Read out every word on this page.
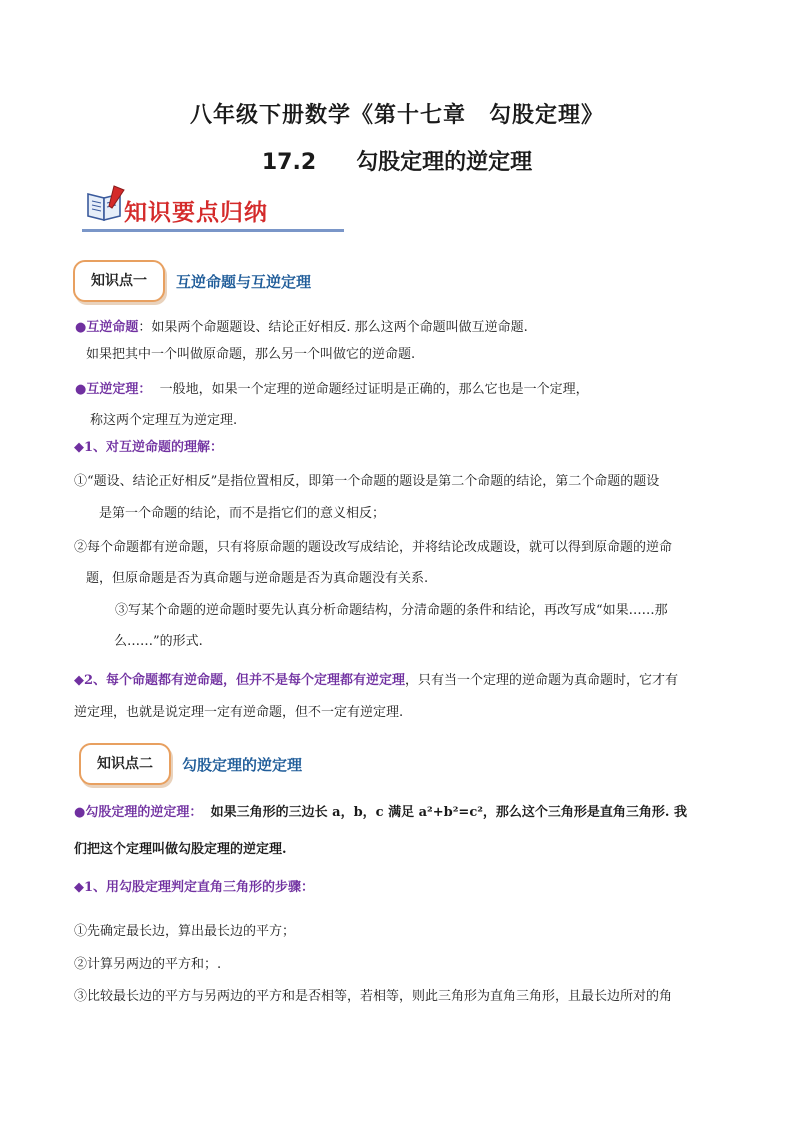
八年级下册数学《第十七章　勾股定理》
17.2 勾股定理的逆定理
知识要点归纳
知识点一	互逆命题与互逆定理
●互逆命题：如果两个命题题设、结论正好相反. 那么这两个命题叫做互逆命题.
如果把其中一个叫做原命题，那么另一个叫做它的逆命题.
●互逆定理： 一般地，如果一个定理的逆命题经过证明是正确的，那么它也是一个定理，
称这两个定理互为逆定理.
◆1、对互逆命题的理解：
①“题设、结论正好相反”是指位置相反，即第一个命题的题设是第二个命题的结论，第二个命题的题设
是第一个命题的结论，而不是指它们的意义相反；
②每个命题都有逆命题，只有将原命题的题设改写成结论，并将结论改成题设，就可以得到原命题的逆命
题，但原命题是否为真命题与逆命题是否为真命题没有关系.
③写某个命题的逆命题时要先认真分析命题结构，分清命题的条件和结论，再改写成“如果……那
么……”的形式.
◆2、每个命题都有逆命题，但并不是每个定理都有逆定理，只有当一个定理的逆命题为真命题时，它才有
逆定理，也就是说定理一定有逆命题，但不一定有逆定理.
知识点二	勾股定理的逆定理
●勾股定理的逆定理： 如果三角形的三边长 a，b，c 满足 a²+b²=c²，那么这个三角形是直角三角形. 我
们把这个定理叫做勾股定理的逆定理.
◆1、用勾股定理判定直角三角形的步骤：
①先确定最长边，算出最长边的平方；
②计算另两边的平方和；.
③比较最长边的平方与另两边的平方和是否相等，若相等，则此三角形为直角三角形，且最长边所对的角
